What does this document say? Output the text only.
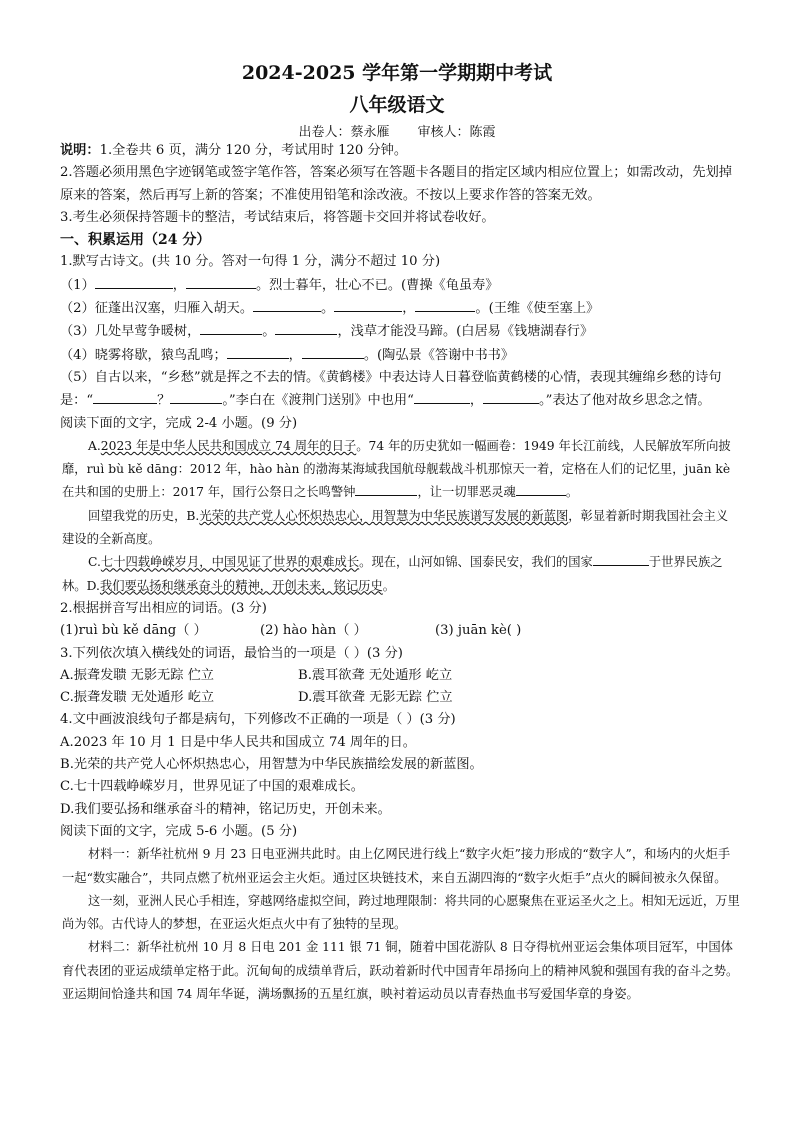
2024-2025 学年第一学期期中考试
八年级语文
出卷人：蔡永雁 审核人：陈霞
说明：1.全卷共 6 页，满分 120 分，考试用时 120 分钟。
2.答题必须用黑色字迹钢笔或签字笔作答，答案必须写在答题卡各题目的指定区域内相应位置上；如需改动，先划掉原来的答案，然后再写上新的答案；不准使用铅笔和涂改液。不按以上要求作答的答案无效。
3.考生必须保持答题卡的整洁，考试结束后，将答题卡交回并将试卷收好。
一、积累运用（24 分）
1.默写古诗文。(共 10 分。答对一句得 1 分，满分不超过 10 分)
（1）	，	。烈士暮年，壮心不已。(曹操《龟虽寿》
（2）征蓬出汉塞，归雁入胡天。	。	，	。(王维《使至塞上》
（3）几处早莺争暖树，	。	，浅草才能没马蹄。(白居易《钱塘湖春行》
（4）晓雾将歇，猿鸟乱鸣；	，	。(陶弘景《答谢中书书》
（5）自古以来，“乡愁”就是挥之不去的情。《黄鹤楼》中表达诗人日暮登临黄鹤楼的心情，表现其缠绵乡愁的诗句是：“	？	。”李白在《渡荆门送别》中也用“	，	。”表达了他对故乡思念之情。
阅读下面的文字，完成 2-4 小题。(9 分)
A.2023 年是中华人民共和国成立 74 周年的日子。74 年的历史犹如一幅画卷：1949 年长江前线，人民解放军所向披靡，ruì bù kě dāng：2012 年，hào hàn 的渤海某海域我国航母舰载战斗机那惊天一着，定格在人们的记忆里，juān kè 在共和国的史册上：2017 年，国行公祭日之长鸣警钟	，让一切罪恶灵魂	。
回望我党的历史，B.光荣的共产党人心怀炽热忠心，用智慧为中华民族谱写发展的新蓝图，彰显着新时期我国社会主义建设的全新高度。
C.七十四载峥嵘岁月，中国见证了世界的艰难成长。现在，山河如锦、国泰民安，我们的国家	于世界民族之林。D.我们要弘扬和继承奋斗的精神，开创未来，铭记历史。
2.根据拼音写出相应的词语。(3 分)
(1)ruì bù kě dāng（ ）	(2) hào hàn（ ）	(3) juān kè( )
3.下列依次填入横线处的词语，最恰当的一项是（ ）(3 分)
A.振聋发聩 无影无踪 伫立	B.震耳欲聋 无处遁形 屹立
C.振聋发聩 无处遁形 屹立	D.震耳欲聋 无影无踪 伫立
4.文中画波浪线句子都是病句，下列修改不正确的一项是（ ）(3 分)
A.2023 年 10 月 1 日是中华人民共和国成立 74 周年的日。
B.光荣的共产党人心怀炽热忠心，用智慧为中华民族描绘发展的新蓝图。
C.七十四载峥嵘岁月，世界见证了中国的艰难成长。
D.我们要弘扬和继承奋斗的精神，铭记历史，开创未来。
阅读下面的文字，完成 5-6 小题。(5 分)
材料一：新华社杭州 9 月 23 日电亚洲共此时。由上亿网民进行线上“数字火炬”接力形成的“数字人”，和场内的火炬手一起“数实融合”，共同点燃了杭州亚运会主火炬。通过区块链技术，来自五湖四海的“数字火炬手”点火的瞬间被永久保留。
这一刻，亚洲人民心手相连，穿越网络虚拟空间，跨过地理限制：将共同的心愿聚焦在亚运圣火之上。相知无远近，万里尚为邻。古代诗人的梦想，在亚运火炬点火中有了独特的呈现。
材料二：新华社杭州 10 月 8 日电 201 金 111 银 71 铜，随着中国花游队 8 日夺得杭州亚运会集体项目冠军，中国体育代表团的亚运成绩单定格于此。沉甸甸的成绩单背后，跃动着新时代中国青年昂扬向上的精神风貌和强国有我的奋斗之势。亚运期间恰逢共和国 74 周年华诞，满场飘扬的五星红旗，映衬着运动员以青春热血书写爱国华章的身姿。
